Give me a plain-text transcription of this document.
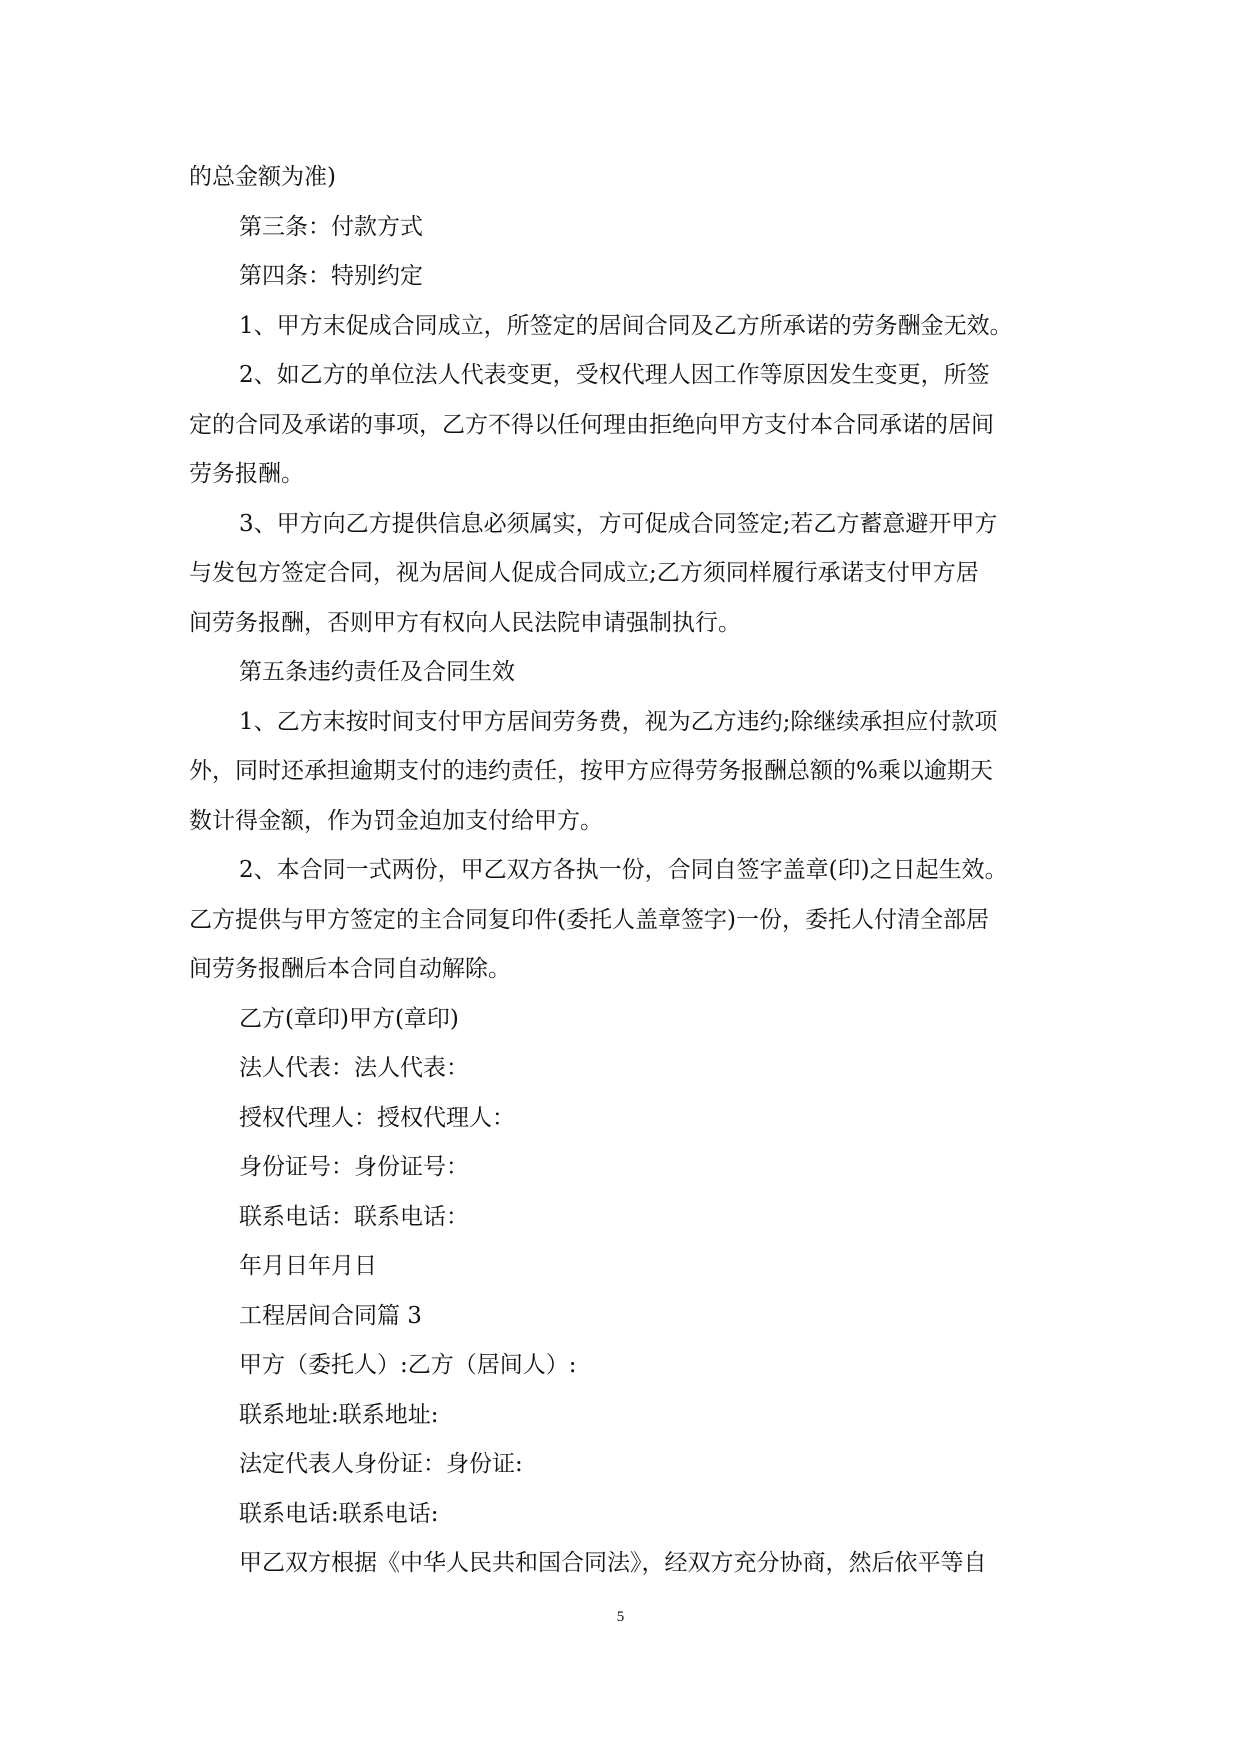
的总金额为准)

第三条：付款方式

第四条：特别约定

1、甲方末促成合同成立，所签定的居间合同及乙方所承诺的劳务酬金无效。

2、如乙方的单位法人代表变更，受权代理人因工作等原因发生变更，所签

定的合同及承诺的事项，乙方不得以任何理由拒绝向甲方支付本合同承诺的居间

劳务报酬。

3、甲方向乙方提供信息必须属实，方可促成合同签定;若乙方蓄意避开甲方

与发包方签定合同，视为居间人促成合同成立;乙方须同样履行承诺支付甲方居

间劳务报酬，否则甲方有权向人民法院申请强制执行。

第五条违约责任及合同生效

1、乙方末按时间支付甲方居间劳务费，视为乙方违约;除继续承担应付款项

外，同时还承担逾期支付的违约责任，按甲方应得劳务报酬总额的%乘以逾期天

数计得金额，作为罚金迫加支付给甲方。

2、本合同一式两份，甲乙双方各执一份，合同自签字盖章(印)之日起生效。

乙方提供与甲方签定的主合同复印件(委托人盖章签字)一份，委托人付清全部居

间劳务报酬后本合同自动解除。

乙方(章印)甲方(章印)

法人代表：法人代表：

授权代理人：授权代理人：

身份证号：身份证号：

联系电话：联系电话：

年月日年月日

工程居间合同篇 3

甲方（委托人）:乙方（居间人）:

联系地址:联系地址:

法定代表人身份证：身份证:

联系电话:联系电话:

甲乙双方根据《中华人民共和国合同法》，经双方充分协商，然后依平等自

5
